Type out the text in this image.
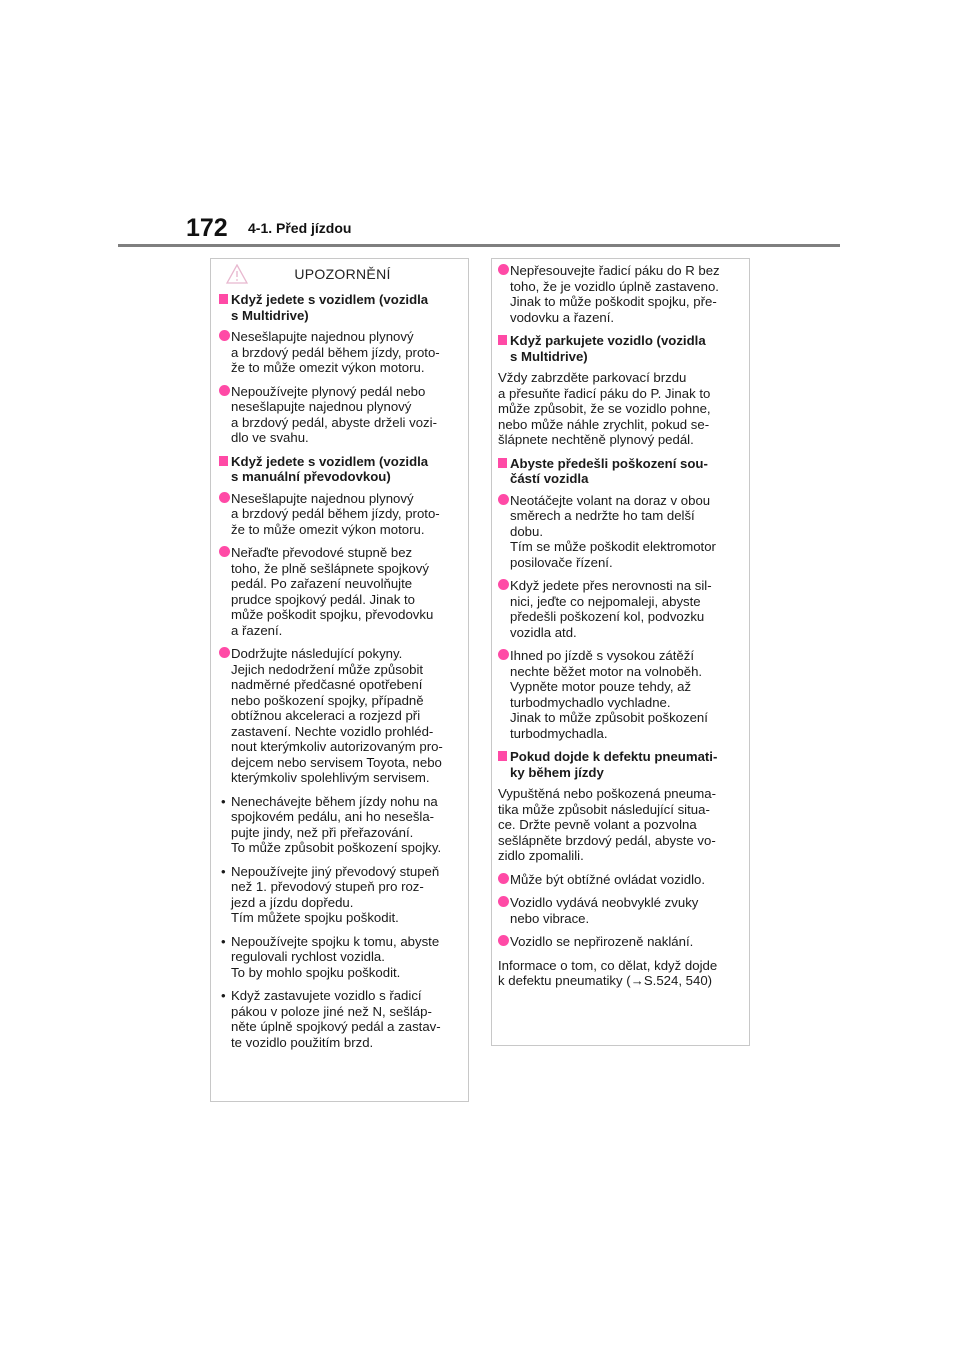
172 4-1. Před jízdou
UPOZORNĚNÍ
Když jedete s vozidlem (vozidla
s Multidrive)
Nesešlapujte najednou plynový
a brzdový pedál během jízdy, proto-
že to může omezit výkon motoru.
Nepoužívejte plynový pedál nebo
nesešlapujte najednou plynový
a brzdový pedál, abyste drželi vozi-
dlo ve svahu.
Když jedete s vozidlem (vozidla
s manuální převodovkou)
Nesešlapujte najednou plynový
a brzdový pedál během jízdy, proto-
že to může omezit výkon motoru.
Neřaďte převodové stupně bez
toho, že plně sešlápnete spojkový
pedál. Po zařazení neuvolňujte
prudce spojkový pedál. Jinak to
může poškodit spojku, převodovku
a řazení.
Dodržujte následující pokyny.
Jejich nedodržení může způsobit
nadměrné předčasné opotřebení
nebo poškození spojky, případně
obtížnou akceleraci a rozjezd při
zastavení. Nechte vozidlo prohléd-
nout kterýmkoliv autorizovaným pro-
dejcem nebo servisem Toyota, nebo
kterýmkoliv spolehlivým servisem.
• Nenechávejte během jízdy nohu na
spojkovém pedálu, ani ho nesešla-
pujte jindy, než při přeřazování.
To může způsobit poškození spojky.
• Nepoužívejte jiný převodový stupeň
než 1. převodový stupeň pro roz-
jezd a jízdu dopředu.
Tím můžete spojku poškodit.
• Nepoužívejte spojku k tomu, abyste
regulovali rychlost vozidla.
To by mohlo spojku poškodit.
• Když zastavujete vozidlo s řadicí
pákou v poloze jiné než N, sešláp-
něte úplně spojkový pedál a zastav-
te vozidlo použitím brzd.
Nepřesouvejte řadicí páku do R bez
toho, že je vozidlo úplně zastaveno.
Jinak to může poškodit spojku, pře-
vodovku a řazení.
Když parkujete vozidlo (vozidla
s Multidrive)
Vždy zabrzděte parkovací brzdu
a přesuňte řadicí páku do P. Jinak to
může způsobit, že se vozidlo pohne,
nebo může náhle zrychlit, pokud se-
šlápnete nechtěně plynový pedál.
Abyste předešli poškození sou-
částí vozidla
Neotáčejte volant na doraz v obou
směrech a nedržte ho tam delší
dobu.
Tím se může poškodit elektromotor
posilovače řízení.
Když jedete přes nerovnosti na sil-
nici, jeďte co nejpomaleji, abyste
předešli poškození kol, podvozku
vozidla atd.
Ihned po jízdě s vysokou zátěží
nechte běžet motor na volnoběh.
Vypněte motor pouze tehdy, až
turbodmychadlo vychladne.
Jinak to může způsobit poškození
turbodmychadla.
Pokud dojde k defektu pneumati-
ky během jízdy
Vypuštěná nebo poškozená pneuma-
tika může způsobit následující situa-
ce. Držte pevně volant a pozvolna
sešlápněte brzdový pedál, abyste vo-
zidlo zpomalili.
Může být obtížné ovládat vozidlo.
Vozidlo vydává neobvyklé zvuky
nebo vibrace.
Vozidlo se nepřirozeně naklání.
Informace o tom, co dělat, když dojde
k defektu pneumatiky (→S.524, 540)
